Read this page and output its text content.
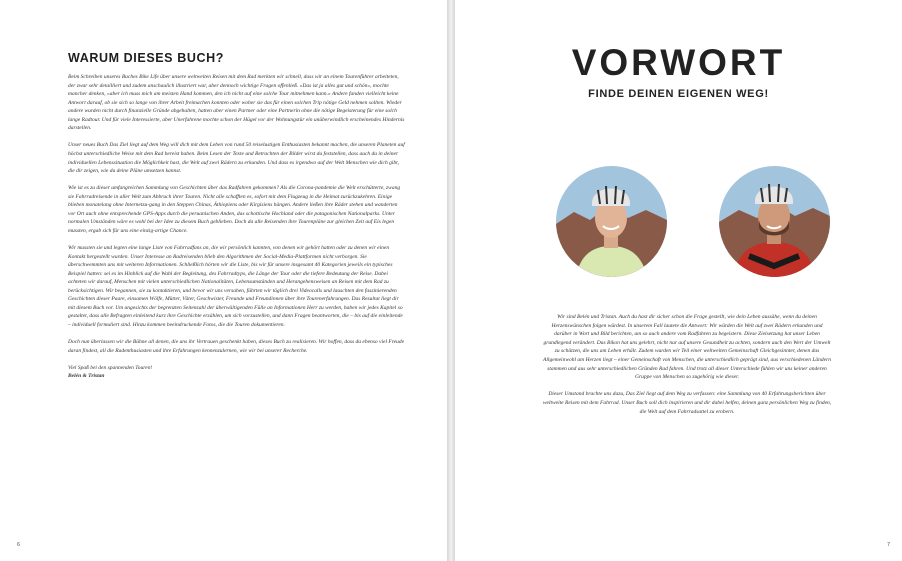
WARUM DIESES BUCH?

Beim Schreiben unseres Buches Bike Life über unsere weltweiten Reisen mit dem Rad merkten wir schnell, dass wir an einem Tourenführer arbeiteten, der zwar sehr detailliert und zudem anschaulich illustriert war, aber dennoch wichtige Fragen offenließ. »Das ist ja alles gut und schön«, mochte mancher denken, »aber ich muss mich am meisten Hand kommen, den ich nicht auf eine solche Tour mitnehmen kann.« Andere fanden vielleicht keine Antwort darauf, ob sie sich so lange von ihrer Arbeit freimachen konnten oder woher sie das für einen solchen Trip nötige Geld nehmen sollten. Wieder andere wurden nicht durch finanzielle Gründe abgehalten, hatten aber einen Partner oder eine Partnerin ohne die nötige Begeisterung für eine solch lange Radtour. Und für viele Interessierte, aber Unerfahrene mochte schon der Hügel vor der Wohnungstür ein unüberwindlich erscheinendes Hindernis darstellen.

Unser neues Buch Das Ziel liegt auf dem Weg will dich mit dem Leben von rund 50 reiselustigen Enthusiasten bekannt machen, die unseren Planeten auf höchst unterschiedliche Weise mit dem Rad bereist haben. Beim Lesen der Texte und Betrachten der Bilder wirst du feststellen, dass auch du in deiner individuellen Lebenssituation die Möglichkeit hast, die Welt auf zwei Rädern zu erkunden. Und dass es irgendwo auf der Welt Menschen wie dich gibt, die dir zeigen, wie du deine Pläne umsetzen kannst.

Wie ist es zu dieser umfangreichen Sammlung von Geschichten über das Radfahren gekommen? Als die Corona-pandemie die Welt erschütterte, zwang sie Fahrradreisende in aller Welt zum Abbruch ihrer Touren. Nicht alle schafften es, sofort mit dem Flugzeug in die Heimat zurückzukehren. Einige blieben monatelang ohne Internetzu-gang in den Steppen Chinas, Äthiopiens oder Kirgisiens hängen. Andere ließen ihre Räder stehen und wanderten vor Ort auch ohne entsprechende GPS-Apps durch die peruanischen Anden, das schottische Hochland oder die patagonischen Nationalparks. Unter normalen Umständen wäre es wohl bei der Idee zu diesem Buch geblieben. Doch da alle Reisenden ihre Tourenpläne zur gleichen Zeit auf Eis legen mussten, ergab sich für uns eine einzig-artige Chance.

Wir mussten sie und legten eine lange Liste von Fahrradfans an, die wir persönlich kannten, von denen wir gehört hatten oder zu denen wir einen Kontakt hergestellt wurden. Unser Interesse an Radreisenden blieb den Algorithmen der Social-Media-Plattformen nicht verborgen. Sie überschwemmten uns mit weiteren Informationen. Schließlich hörten wir die Liste, bis wir für unsere insgesamt 40 Kategorien jeweils ein typisches Beispiel hatten: sei es im Hinblick auf die Wahl der Begleitung, des Fahrradtyps, die Länge der Tour oder die tiefere Bedeutung der Reise. Dabei achteten wir darauf, Menschen mit vielen unterschiedlichen Nationalitäten, Lebensumständen und Herangehensweisen an Reisen mit dem Rad zu berücksichtigen. Wir begannen, sie zu kontaktieren, und bevor wir uns versahen, führten wir täglich drei Videocalls und lauschten den faszinierenden Geschichten dieser Paare, einsamen Wölfe, Mütter, Väter, Geschwister, Freunde und Freundinnen über ihre Tourenerfahrungen. Das Resultat liegt dir mit diesem Buch vor. Um angesichts der begrenzten Seitenzahl der überwältigenden Fülle an Informationen Herr zu werden, haben wir jedes Kapitel so gestaltet, dass alle Befragten einleitend kurz ihre Geschichte erzählen, um sich vorzustellen, und dann Fragen beantworten, die – bis auf die einleitende – individuell formuliert sind. Hinzu kommen beeindruckende Fotos, die die Touren dokumentieren.

Doch nun überlassen wir die Bühne all denen, die uns ihr Vertrauen geschenkt haben, dieses Buch zu realisieren. Wir hoffen, dass du ebenso viel Freude daran findest, all die Radenthusiasten und ihre Erfahrungen kennenzulernen, wie wir bei unserer Recherche.

Viel Spaß bei den spannenden Touren!

Belén & Tristan

6
VORWORT
FINDE DEINEN EIGENEN WEG!

Wir sind Belén und Tristan. Auch du hast dir sicher schon die Frage gestellt, wie dein Leben aussähe, wenn du deinen Herzenswünschen folgen würdest. In unserem Fall lautete die Antwort: Wir würden die Welt auf zwei Rädern erkunden und darüber in Wort und Bild berichten, um so auch andere vom Radfahren zu begeistern. Diese Zielsetzung hat unser Leben grundlegend verändert. Das Bikon hat uns gelehrt, nicht nur auf unsere Gesundheit zu achten, sondern auch den Wert der Umwelt zu schätzen, die uns am Leben erhält. Zudem wurden wir Teil einer weltweiten Gemeinschaft Gleichgesinnter, denen das Allgemeinwohl am Herzen liegt – einer Gemeinschaft von Menschen, die unterschiedlich geprägt sind, aus verschiedenen Ländern stammen und aus sehr unterschiedlichen Gründen Rad fahren. Und trotz all dieser Unterschiede fühlen wir uns keiner anderen Gruppe von Menschen so zugehörig wie dieser.

Dieser Umstand brachte uns dazu, Das Ziel liegt auf dem Weg zu verfassen: eine Sammlung von 40 Erfahrungsberichten über weltweite Reisen mit dem Fahrrad. Unser Buch soll dich inspirieren und dir dabei helfen, deinen ganz persönlichen Weg zu finden, die Welt auf dem Fahrradsattel zu erobern.

7
